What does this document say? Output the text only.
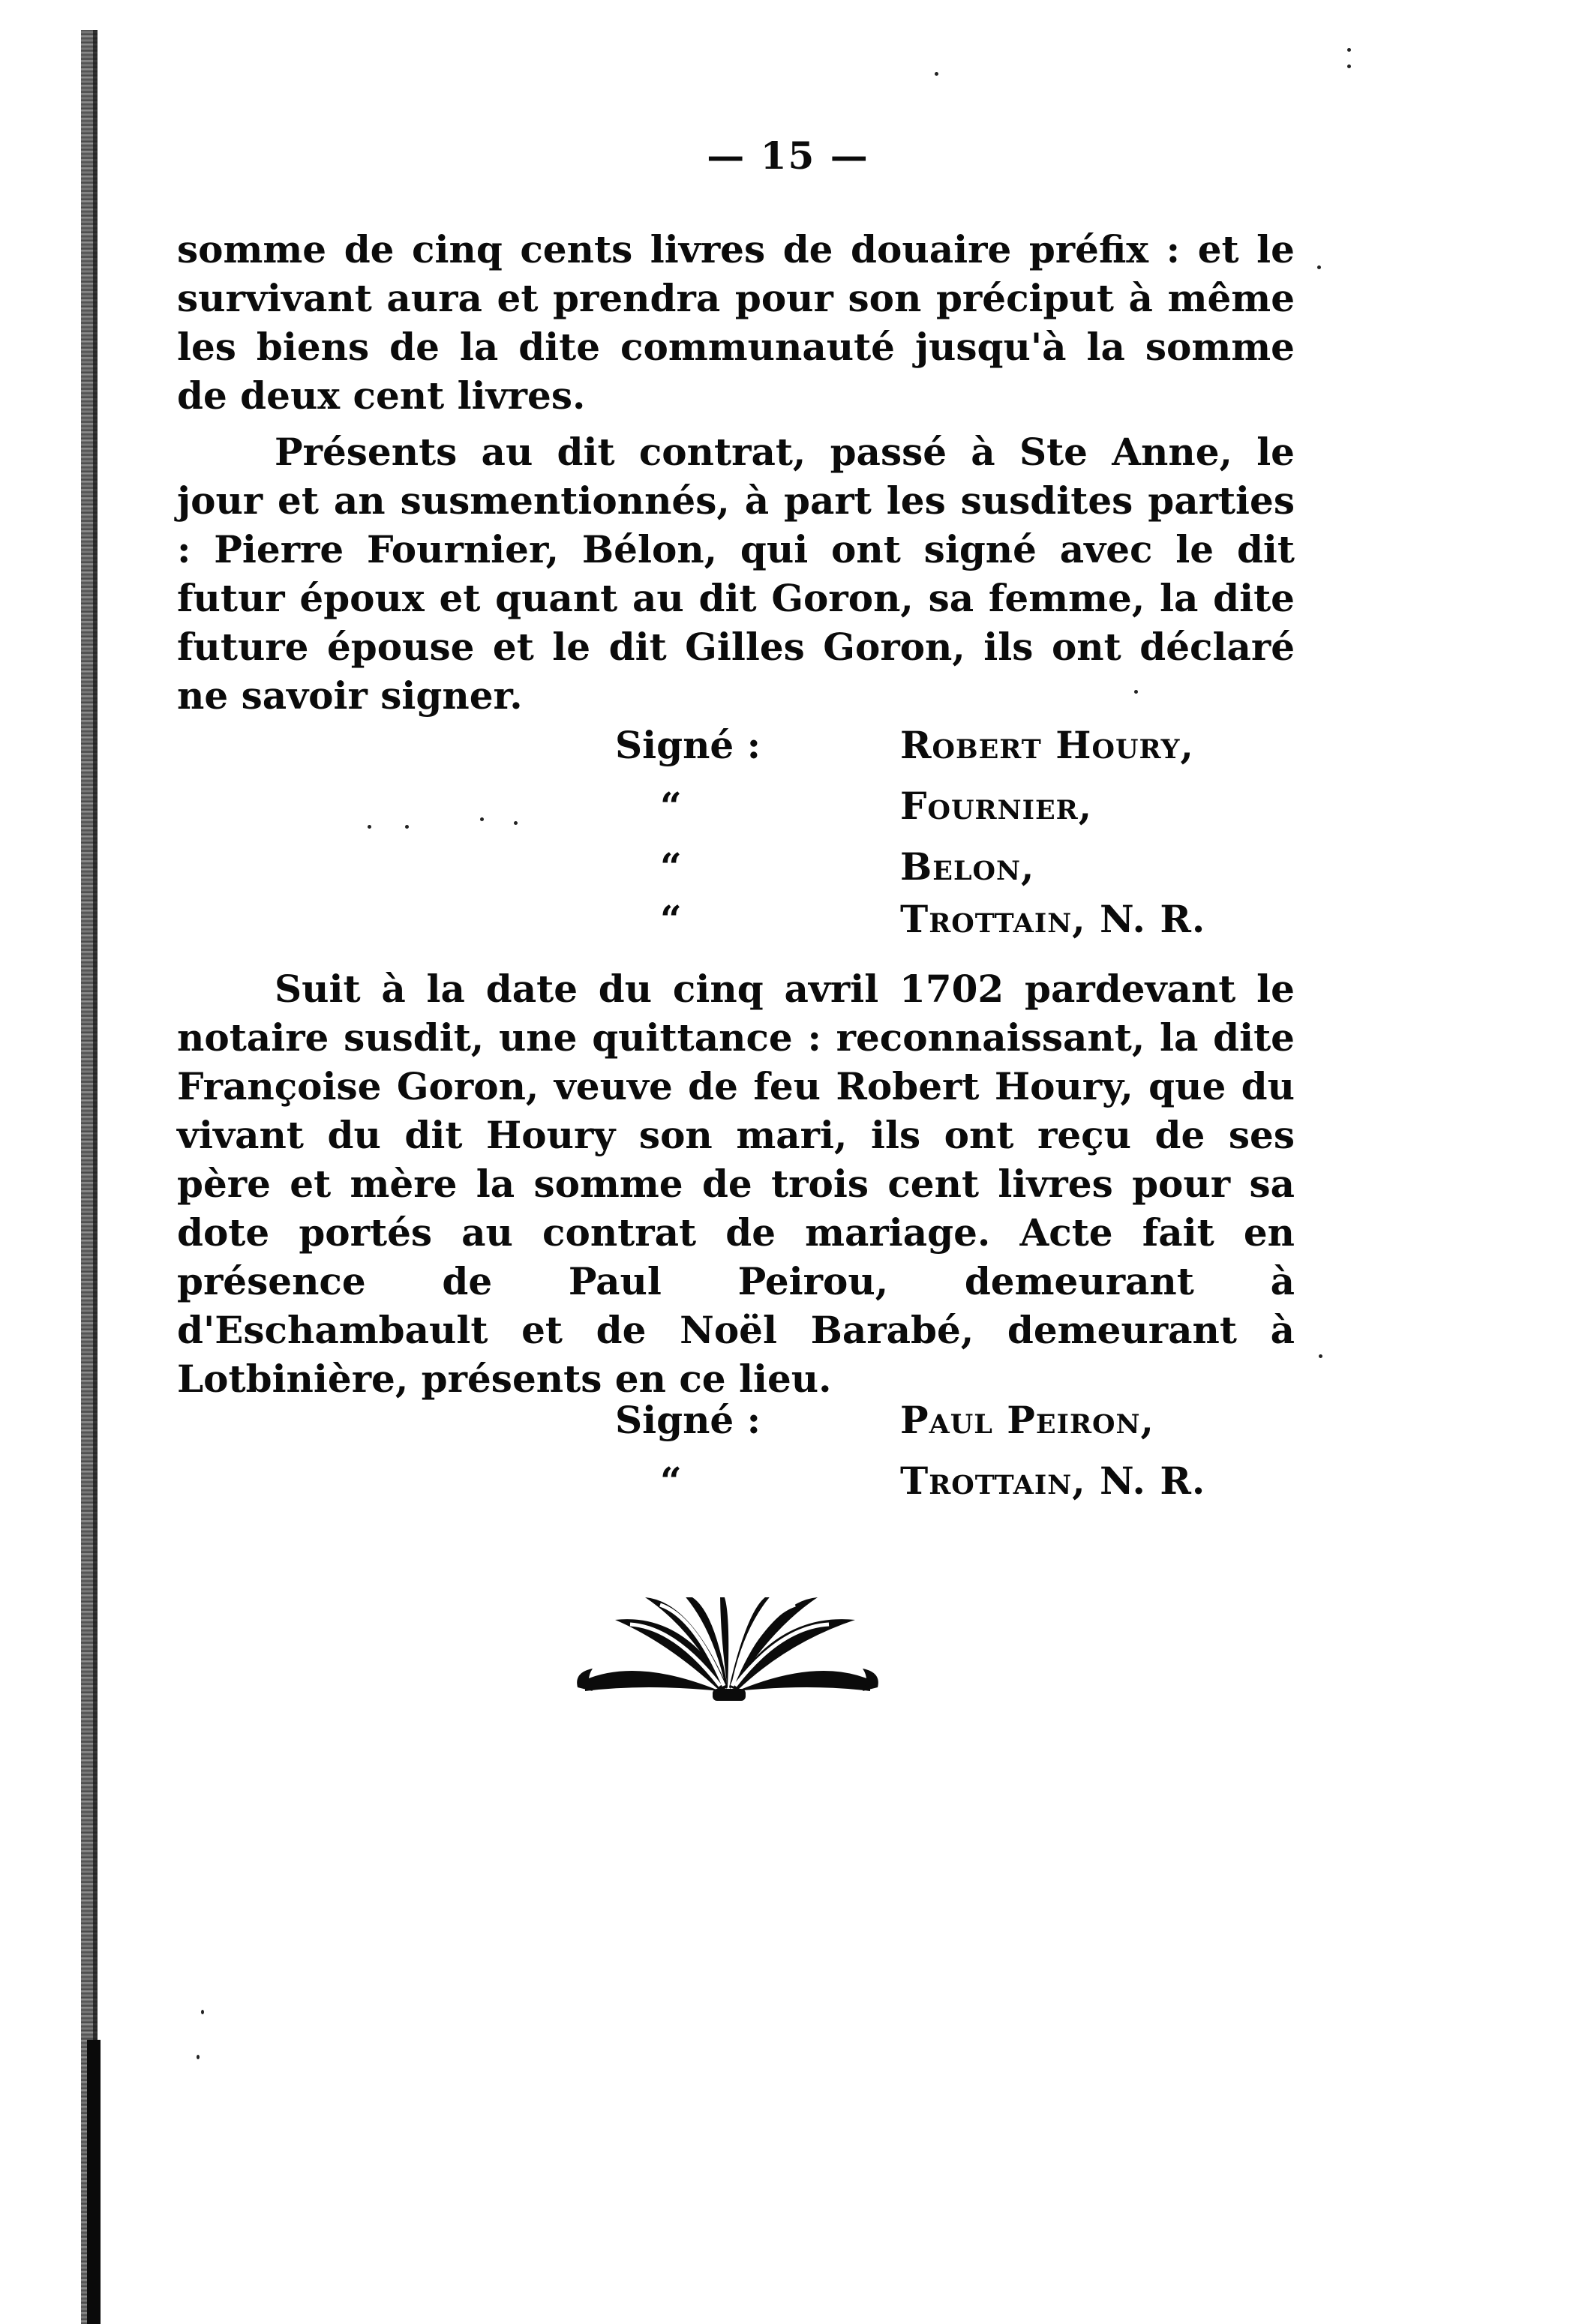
— 15 —

somme de cinq cents livres de douaire préfix : et le survivant aura et prendra pour son préciput à même les biens de la dite communauté jusqu'à la somme de deux cent livres.

Présents au dit contrat, passé à Ste Anne, le jour et an susmentionnés, à part les susdites parties : Pierre Fournier, Bélon, qui ont signé avec le dit futur époux et quant au dit Goron, sa femme, la dite future épouse et le dit Gilles Goron, ils ont déclaré ne savoir signer.

Signé :	Robert Houry,
“	Fournier,
“	Belon,
“	Trottain, N. R.

Suit à la date du cinq avril 1702 pardevant le notaire susdit, une quittance : reconnaissant, la dite Françoise Goron, veuve de feu Robert Houry, que du vivant du dit Houry son mari, ils ont reçu de ses père et mère la somme de trois cent livres pour sa dote portés au contrat de mariage. Acte fait en présence de Paul Peirou, demeurant à d'Eschambault et de Noël Barabé, demeurant à Lotbinière, présents en ce lieu.

Signé :	Paul Peiron,
“	Trottain, N. R.
